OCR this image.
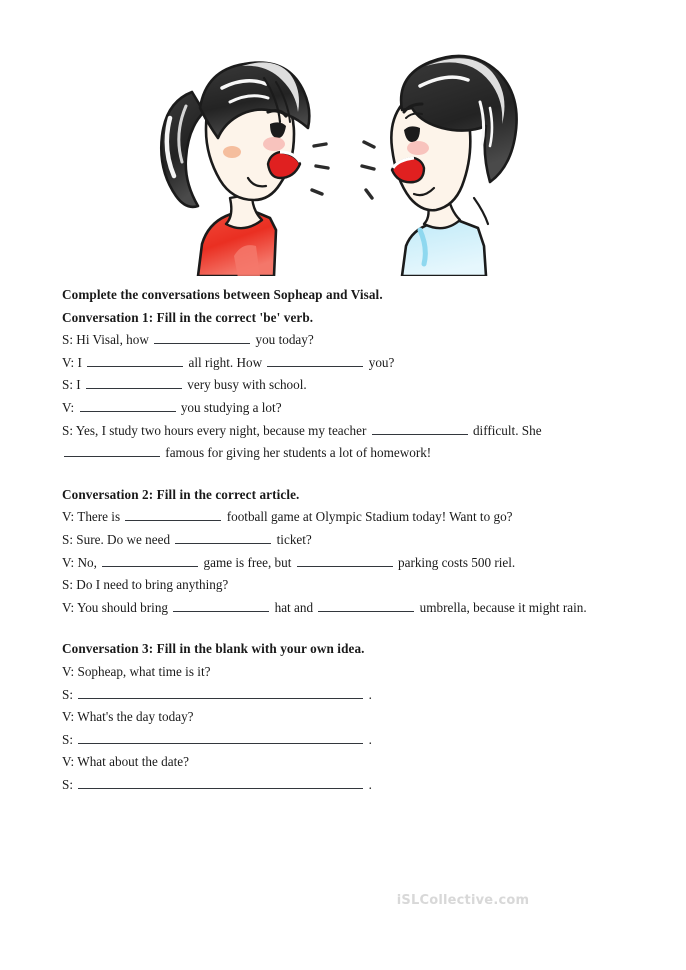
Complete the conversations between Sopheap and Visal.
Conversation 1: Fill in the correct 'be' verb.
S: Hi Visal, how	you today?
V: I	all right. How	you?
S: I	very busy with school.
V:	you studying a lot?
S: Yes, I study two hours every night, because my teacher	difficult. She
famous for giving her students a lot of homework!
Conversation 2: Fill in the correct article.
V: There is	football game at Olympic Stadium today! Want to go?
S: Sure. Do we need	ticket?
V: No,	game is free, but	parking costs 500 riel.
S: Do I need to bring anything?
V: You should bring	hat and	umbrella, because it might rain.
Conversation 3: Fill in the blank with your own idea.
V: Sopheap, what time is it?
S:	.
V: What's the day today?
S:	.
V: What about the date?
S:	.
iSLCollective.com
